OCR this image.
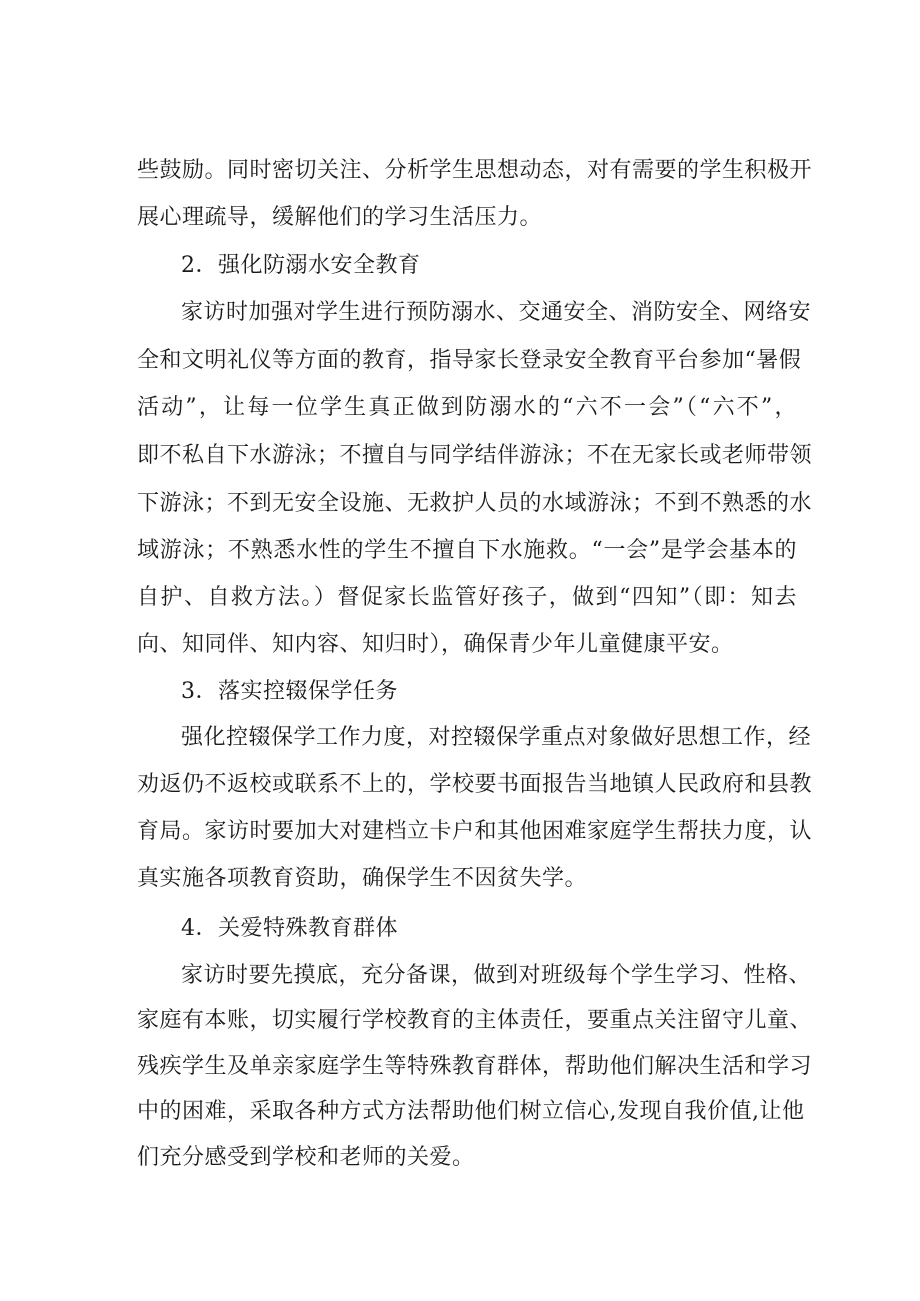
些鼓励。同时密切关注、分析学生思想动态，对有需要的学生积极开
展心理疏导，缓解他们的学习生活压力。
2．强化防溺水安全教育
家访时加强对学生进行预防溺水、交通安全、消防安全、网络安
全和文明礼仪等方面的教育，指导家长登录安全教育平台参加“暑假
活动”，让每一位学生真正做到防溺水的“六不一会”（“六不”，
即不私自下水游泳；不擅自与同学结伴游泳；不在无家长或老师带领
下游泳；不到无安全设施、无救护人员的水域游泳；不到不熟悉的水
域游泳；不熟悉水性的学生不擅自下水施救。“一会”是学会基本的
自护、自救方法。）督促家长监管好孩子，做到“四知”（即：知去
向、知同伴、知内容、知归时），确保青少年儿童健康平安。
3．落实控辍保学任务
强化控辍保学工作力度，对控辍保学重点对象做好思想工作，经
劝返仍不返校或联系不上的，学校要书面报告当地镇人民政府和县教
育局。家访时要加大对建档立卡户和其他困难家庭学生帮扶力度，认
真实施各项教育资助，确保学生不因贫失学。
4．关爱特殊教育群体
家访时要先摸底，充分备课，做到对班级每个学生学习、性格、
家庭有本账，切实履行学校教育的主体责任，要重点关注留守儿童、
残疾学生及单亲家庭学生等特殊教育群体，帮助他们解决生活和学习
中的困难，采取各种方式方法帮助他们树立信心,发现自我价值,让他
们充分感受到学校和老师的关爱。
